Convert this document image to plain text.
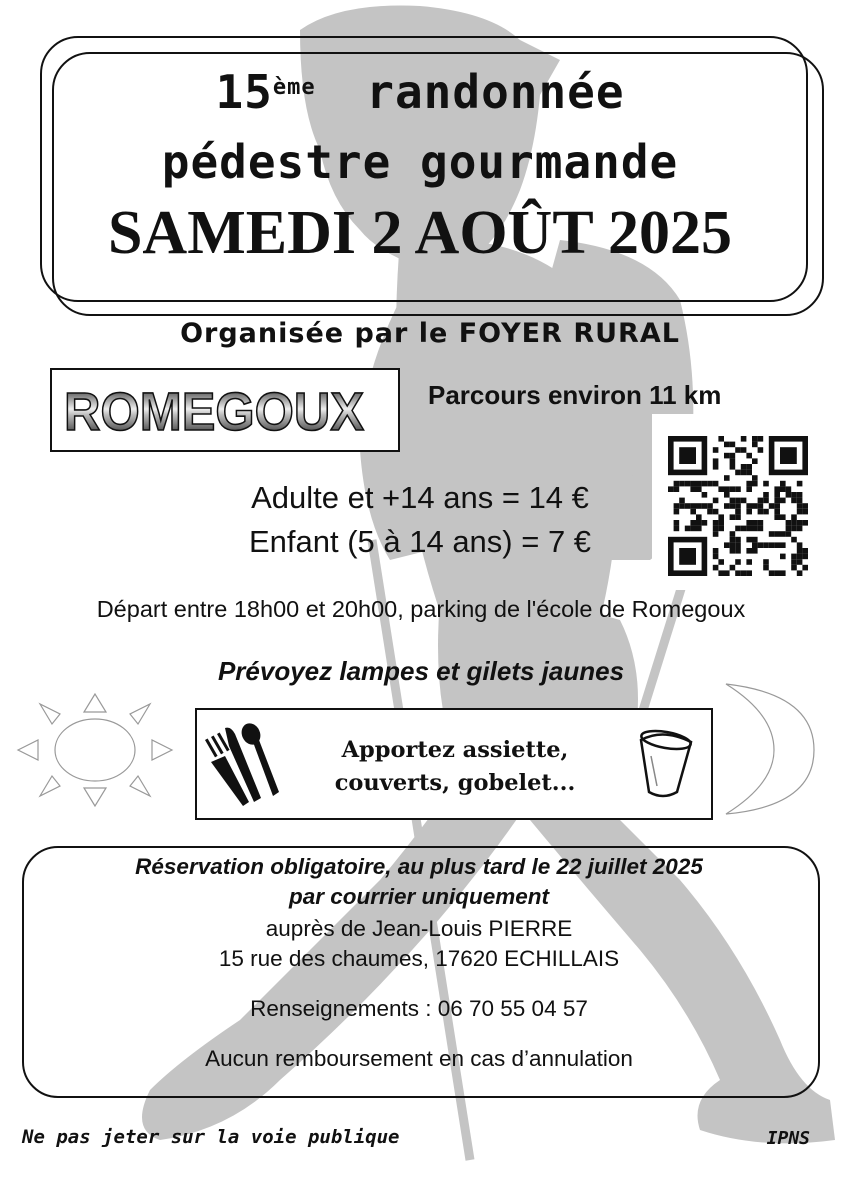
15ème randonnée
pédestre gourmande
SAMEDI 2 AOÛT 2025
Organisée par le FOYER RURAL
ROMEGOUX Parcours environ 11 km
Adulte et +14 ans = 14 €
Enfant (5 à 14 ans) = 7 €
Départ entre 18h00 et 20h00, parking de l'école de Romegoux
Prévoyez lampes et gilets jaunes
Apportez assiette,
couverts, gobelet...
Réservation obligatoire, au plus tard le 22 juillet 2025
par courrier uniquement
auprès de Jean-Louis PIERRE
15 rue des chaumes, 17620 ECHILLAIS
Renseignements : 06 70 55 04 57
Aucun remboursement en cas d’annulation
Ne pas jeter sur la voie publique	IPNS
